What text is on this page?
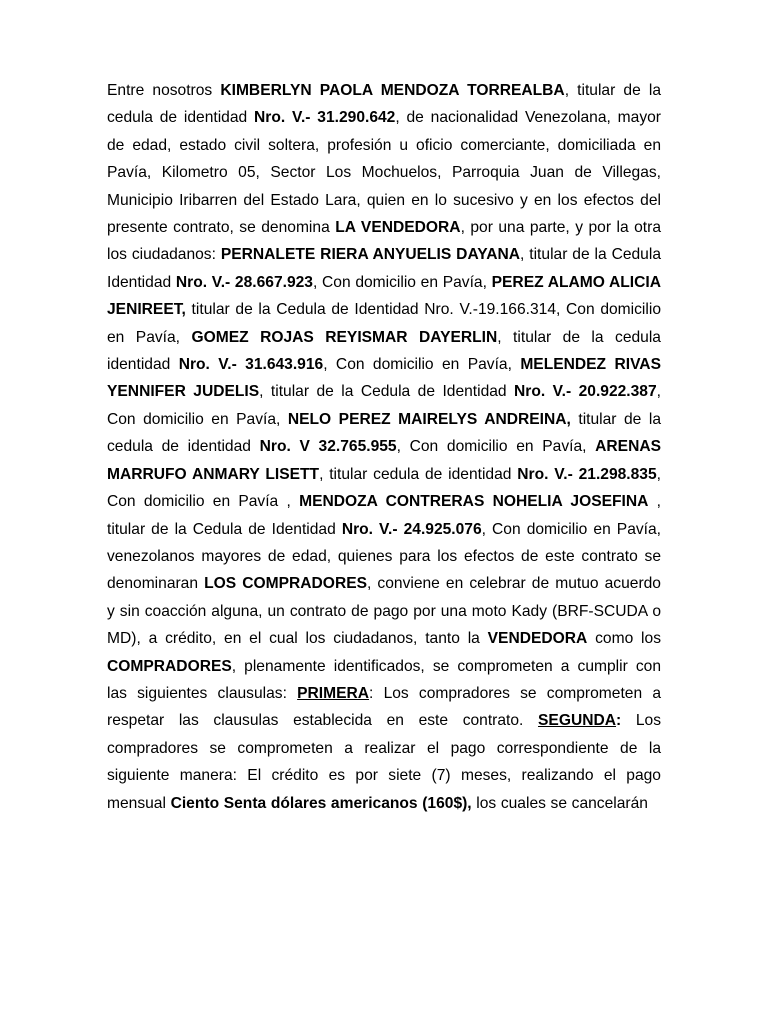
Entre nosotros KIMBERLYN PAOLA MENDOZA TORREALBA, titular de la cedula de identidad Nro. V.- 31.290.642, de nacionalidad Venezolana, mayor de edad, estado civil soltera, profesión u oficio comerciante, domiciliada en Pavía, Kilometro 05, Sector Los Mochuelos, Parroquia Juan de Villegas, Municipio Iribarren del Estado Lara, quien en lo sucesivo y en los efectos del presente contrato, se denomina LA VENDEDORA, por una parte, y por la otra los ciudadanos: PERNALETE RIERA ANYUELIS DAYANA, titular de la Cedula Identidad Nro. V.- 28.667.923, Con domicilio en Pavía, PEREZ ALAMO ALICIA JENIREET, titular de la Cedula de Identidad Nro. V.-19.166.314, Con domicilio en Pavía, GOMEZ ROJAS REYISMAR DAYERLIN, titular de la cedula identidad Nro. V.- 31.643.916, Con domicilio en Pavía, MELENDEZ RIVAS YENNIFER JUDELIS, titular de la Cedula de Identidad Nro. V.- 20.922.387, Con domicilio en Pavía, NELO PEREZ MAIRELYS ANDREINA, titular de la cedula de identidad Nro. V 32.765.955, Con domicilio en Pavía, ARENAS MARRUFO ANMARY LISETT, titular cedula de identidad Nro. V.- 21.298.835, Con domicilio en Pavía , MENDOZA CONTRERAS NOHELIA JOSEFINA , titular de la Cedula de Identidad Nro. V.- 24.925.076, Con domicilio en Pavía, venezolanos mayores de edad, quienes para los efectos de este contrato se denominaran LOS COMPRADORES, conviene en celebrar de mutuo acuerdo y sin coacción alguna, un contrato de pago por una moto Kady (BRF-SCUDA o MD), a crédito, en el cual los ciudadanos, tanto la VENDEDORA como los COMPRADORES, plenamente identificados, se comprometen a cumplir con las siguientes clausulas: PRIMERA: Los compradores se comprometen a respetar las clausulas establecida en este contrato. SEGUNDA: Los compradores se comprometen a realizar el pago correspondiente de la siguiente manera: El crédito es por siete (7) meses, realizando el pago mensual Ciento Senta dólares americanos (160$), los cuales se cancelarán
